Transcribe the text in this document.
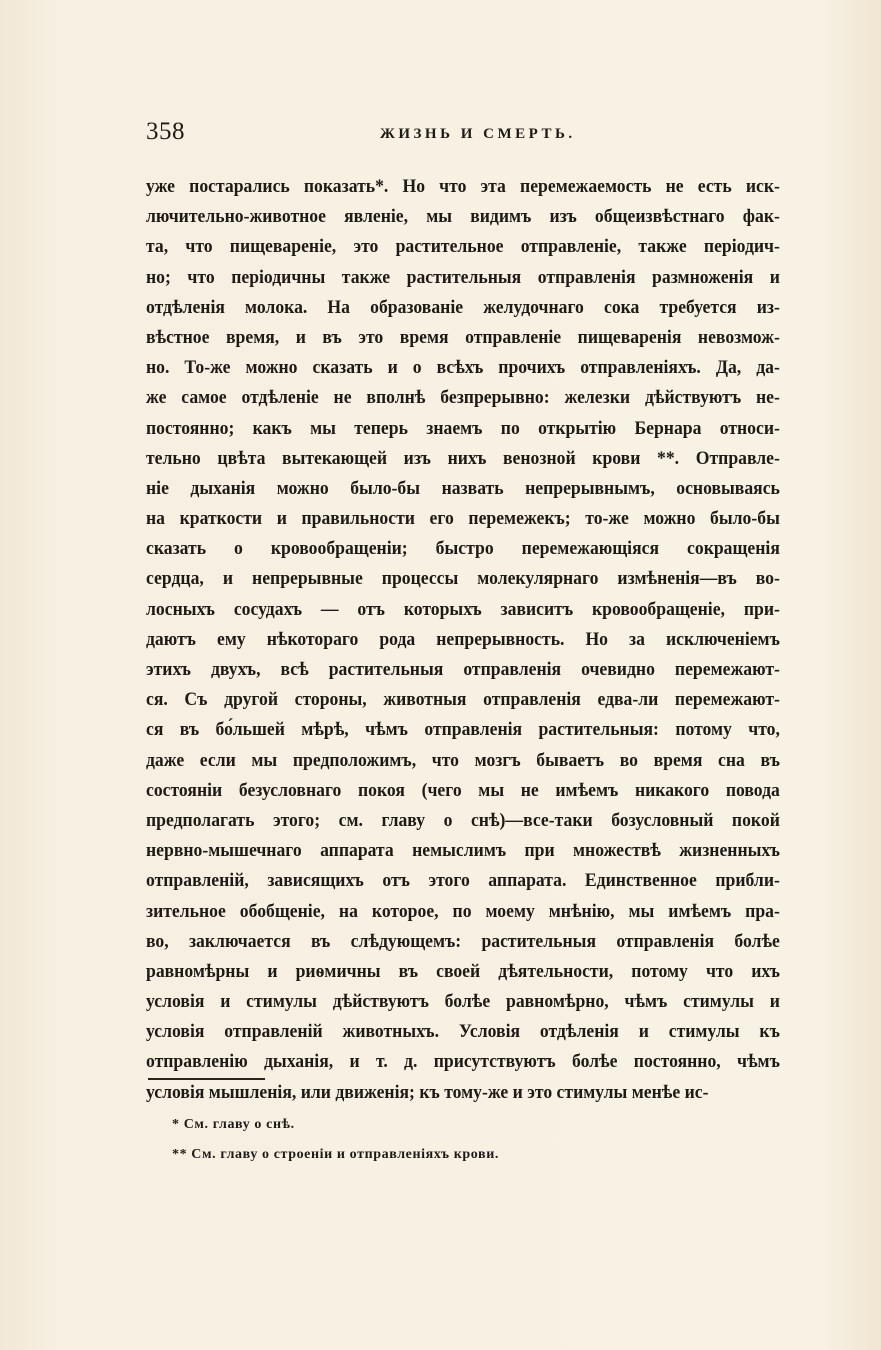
358	ЖИЗНЬ И СМЕРТЬ.
уже постарались показать*. Но что эта перемежаемость не есть иск-
лючительно-животное явленіе, мы видимъ изъ общеизвѣстнаго фак-
та, что пищевареніе, это растительное отправленіе, также періодич-
но; что періодичны также растительныя отправленія размноженія и
отдѣленія молока. На образованіе желудочнаго сока требуется из-
вѣстное время, и въ это время отправленіе пищеваренія невозмож-
но. То-же можно сказать и о всѣхъ прочихъ отправленіяхъ. Да, да-
же самое отдѣленіе не вполнѣ безпрерывно: железки дѣйствуютъ не-
постоянно; какъ мы теперь знаемъ по открытію Бернара относи-
тельно цвѣта вытекающей изъ нихъ венозной крови **. Отправле-
ніе дыханія можно было-бы назвать непрерывнымъ, основываясь
на краткости и правильности его перемежекъ; то-же можно было-бы
сказать о кровообращеніи; быстро перемежающіяся сокращенія
сердца, и непрерывные процессы молекулярнаго измѣненія—въ во-
лосныхъ сосудахъ — отъ которыхъ зависитъ кровообращеніе, при-
даютъ ему нѣкотораго рода непрерывность. Но за исключеніемъ
этихъ двухъ, всѣ растительныя отправленія очевидно перемежают-
ся. Съ другой стороны, животныя отправленія едва-ли перемежают-
ся въ бо́льшей мѣрѣ, чѣмъ отправленія растительныя: потому что,
даже если мы предположимъ, что мозгъ бываетъ во время сна въ
состояніи безусловнаго покоя (чего мы не имѣемъ никакого повода
предполагать этого; см. главу о снѣ)—все-таки бозусловный покой
нервно-мышечнаго аппарата немыслимъ при множествѣ жизненныхъ
отправленій, зависящихъ отъ этого аппарата. Единственное прибли-
зительное обобщеніе, на которое, по моему мнѣнію, мы имѣемъ пра-
во, заключается въ слѣдующемъ: растительныя отправленія болѣе
равномѣрны и риѳмичны въ своей дѣятельности, потому что ихъ
условія и стимулы дѣйствуютъ болѣе равномѣрно, чѣмъ стимулы и
условія отправленій животныхъ. Условія отдѣленія и стимулы къ
отправленію дыханія, и т. д. присутствуютъ болѣе постоянно, чѣмъ
условія мышленія, или движенія; къ тому-же и это стимулы менѣе ис-
* См. главу о снѣ.
** См. главу о строеніи и отправленіяхъ крови.
